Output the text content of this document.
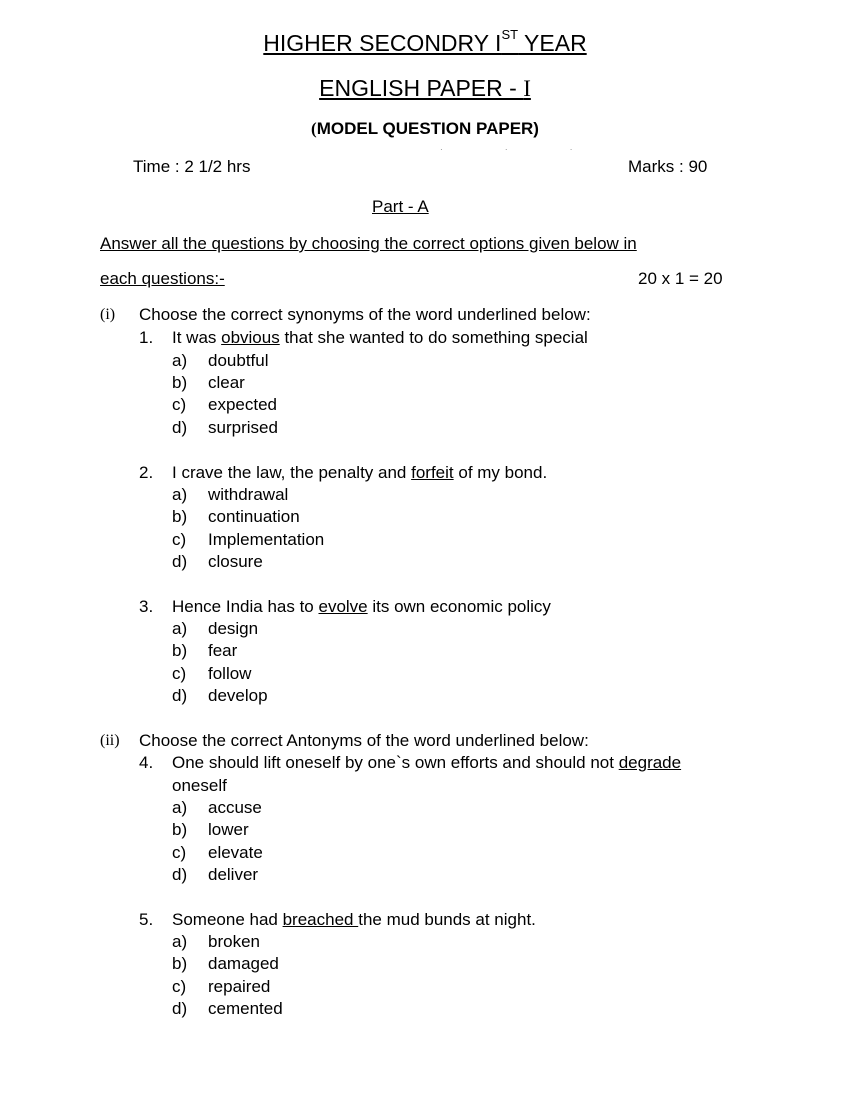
HIGHER SECONDRY IST YEAR
ENGLISH PAPER - I
(MODEL QUESTION PAPER)
· · ·
Time : 2 1/2 hrs	Marks : 90
Part - A
Answer all the questions by choosing the correct options given below in
each questions:-	20 x 1 = 20
(i) Choose the correct synonyms of the word underlined below:
1. It was obvious that she wanted to do something special
a) doubtful
b) clear
c) expected
d) surprised
2. I crave the law, the penalty and forfeit of my bond.
a) withdrawal
b) continuation
c) Implementation
d) closure
3. Hence India has to evolve its own economic policy
a) design
b) fear
c) follow
d) develop
(ii) Choose the correct Antonyms of the word underlined below:
4. One should lift oneself by one`s own efforts and should not degrade
oneself
a) accuse
b) lower
c) elevate
d) deliver
5. Someone had breached the mud bunds at night.
a) broken
b) damaged
c) repaired
d) cemented
